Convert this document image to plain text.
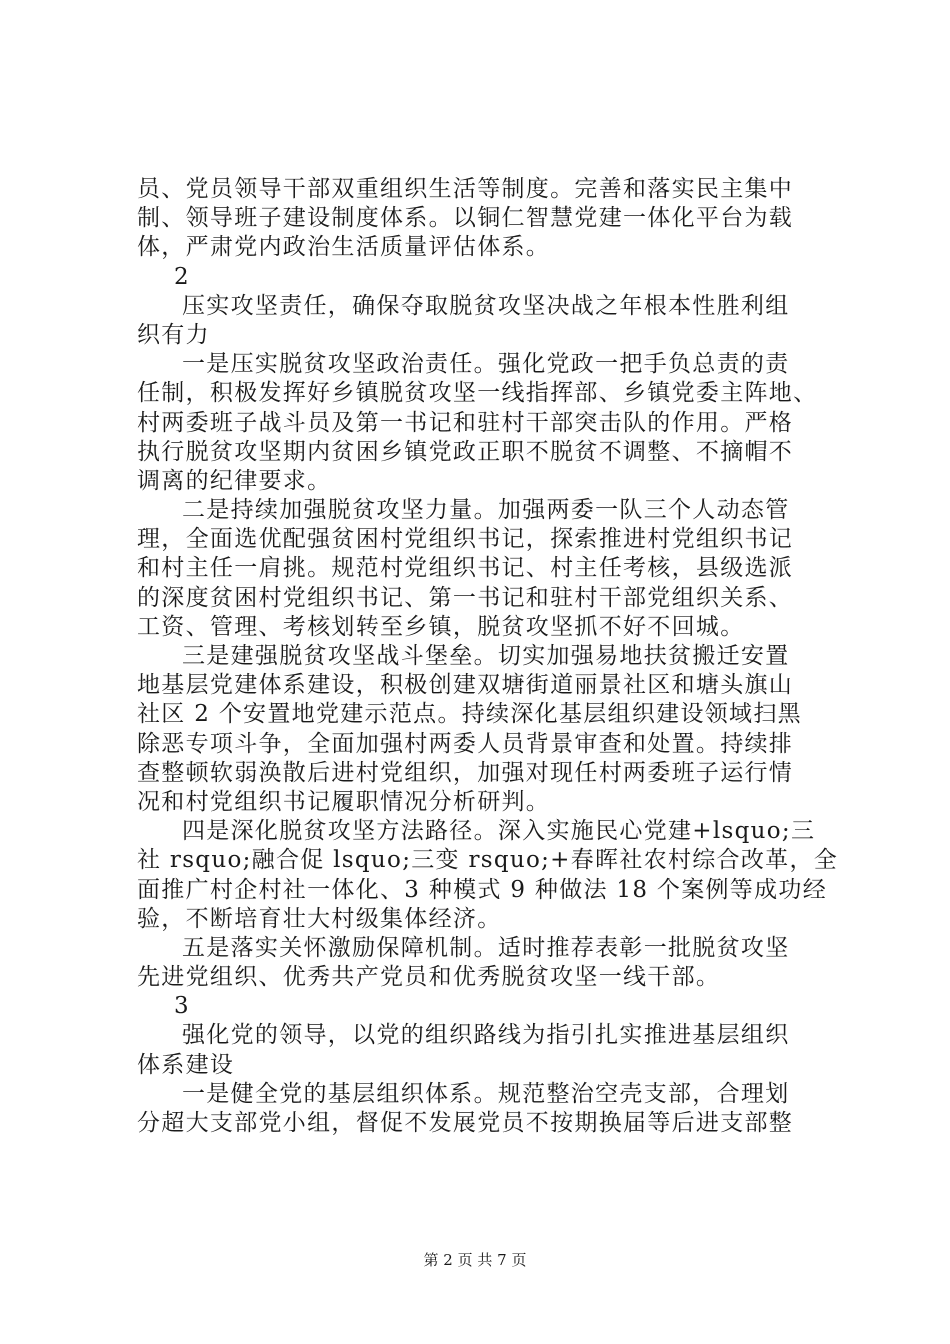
员、党员领导干部双重组织生活等制度。完善和落实民主集中
制、领导班子建设制度体系。以铜仁智慧党建一体化平台为载
体，严肃党内政治生活质量评估体系。
2
压实攻坚责任，确保夺取脱贫攻坚决战之年根本性胜利组
织有力
一是压实脱贫攻坚政治责任。强化党政一把手负总责的责
任制，积极发挥好乡镇脱贫攻坚一线指挥部、乡镇党委主阵地、
村两委班子战斗员及第一书记和驻村干部突击队的作用。严格
执行脱贫攻坚期内贫困乡镇党政正职不脱贫不调整、不摘帽不
调离的纪律要求。
二是持续加强脱贫攻坚力量。加强两委一队三个人动态管
理，全面选优配强贫困村党组织书记，探索推进村党组织书记
和村主任一肩挑。规范村党组织书记、村主任考核，县级选派
的深度贫困村党组织书记、第一书记和驻村干部党组织关系、
工资、管理、考核划转至乡镇，脱贫攻坚抓不好不回城。
三是建强脱贫攻坚战斗堡垒。切实加强易地扶贫搬迁安置
地基层党建体系建设，积极创建双塘街道丽景社区和塘头旗山
社区 2 个安置地党建示范点。持续深化基层组织建设领域扫黑
除恶专项斗争，全面加强村两委人员背景审查和处置。持续排
查整顿软弱涣散后进村党组织，加强对现任村两委班子运行情
况和村党组织书记履职情况分析研判。
四是深化脱贫攻坚方法路径。深入实施民心党建+lsquo;三
社 rsquo;融合促 lsquo;三变 rsquo;+春晖社农村综合改革，全
面推广村企村社一体化、3 种模式 9 种做法 18 个案例等成功经
验，不断培育壮大村级集体经济。
五是落实关怀激励保障机制。适时推荐表彰一批脱贫攻坚
先进党组织、优秀共产党员和优秀脱贫攻坚一线干部。
3
强化党的领导，以党的组织路线为指引扎实推进基层组织
体系建设
一是健全党的基层组织体系。规范整治空壳支部，合理划
分超大支部党小组，督促不发展党员不按期换届等后进支部整
第 2 页 共 7 页
